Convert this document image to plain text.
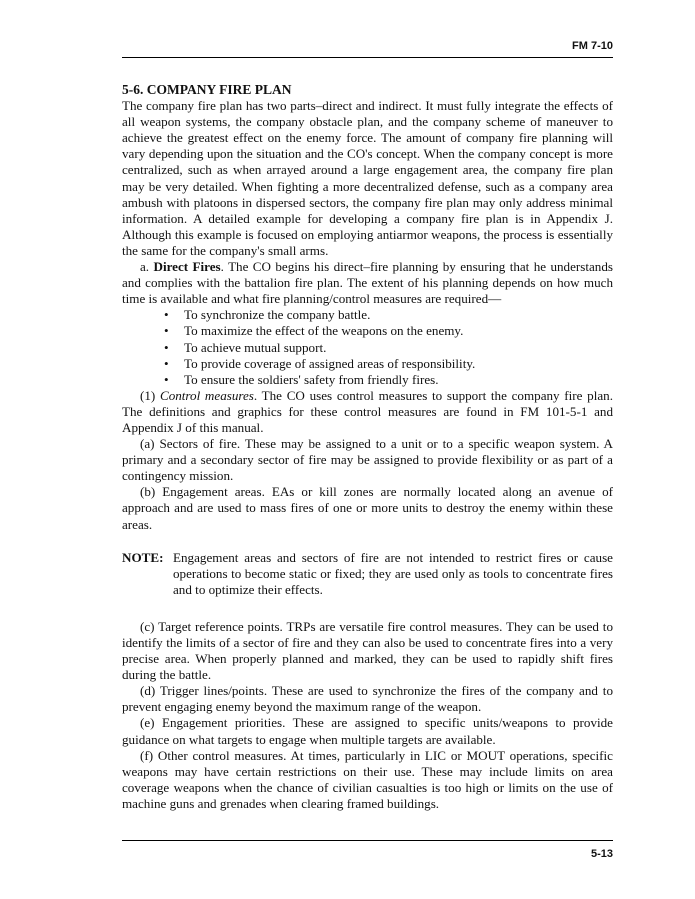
FM 7-10

5-6. COMPANY FIRE PLAN

The company fire plan has two parts–direct and indirect. It must fully integrate the effects of all weapon systems, the company obstacle plan, and the company scheme of maneuver to achieve the greatest effect on the enemy force. The amount of company fire planning will vary depending upon the situation and the CO's concept. When the company concept is more centralized, such as when arrayed around a large engagement area, the company fire plan may be very detailed. When fighting a more decentralized defense, such as a company area ambush with platoons in dispersed sectors, the company fire plan may only address minimal information. A detailed example for developing a company fire plan is in Appendix J. Although this example is focused on employing antiarmor weapons, the process is essentially the same for the company's small arms.

a. Direct Fires. The CO begins his direct–fire planning by ensuring that he understands and complies with the battalion fire plan. The extent of his planning depends on how much time is available and what fire planning/control measures are required—

• To synchronize the company battle.
• To maximize the effect of the weapons on the enemy.
• To achieve mutual support.
• To provide coverage of assigned areas of responsibility.
• To ensure the soldiers' safety from friendly fires.

(1) Control measures. The CO uses control measures to support the company fire plan. The definitions and graphics for these control measures are found in FM 101-5-1 and Appendix J of this manual.

(a) Sectors of fire. These may be assigned to a unit or to a specific weapon system. A primary and a secondary sector of fire may be assigned to provide flexibility or as part of a contingency mission.

(b) Engagement areas. EAs or kill zones are normally located along an avenue of approach and are used to mass fires of one or more units to destroy the enemy within these areas.

NOTE: Engagement areas and sectors of fire are not intended to restrict fires or cause operations to become static or fixed; they are used only as tools to concentrate fires and to optimize their effects.

(c) Target reference points. TRPs are versatile fire control measures. They can be used to identify the limits of a sector of fire and they can also be used to concentrate fires into a very precise area. When properly planned and marked, they can be used to rapidly shift fires during the battle.

(d) Trigger lines/points. These are used to synchronize the fires of the company and to prevent engaging enemy beyond the maximum range of the weapon.

(e) Engagement priorities. These are assigned to specific units/weapons to provide guidance on what targets to engage when multiple targets are available.

(f) Other control measures. At times, particularly in LIC or MOUT operations, specific weapons may have certain restrictions on their use. These may include limits on area coverage weapons when the chance of civilian casualties is too high or limits on the use of machine guns and grenades when clearing framed buildings.

5-13
